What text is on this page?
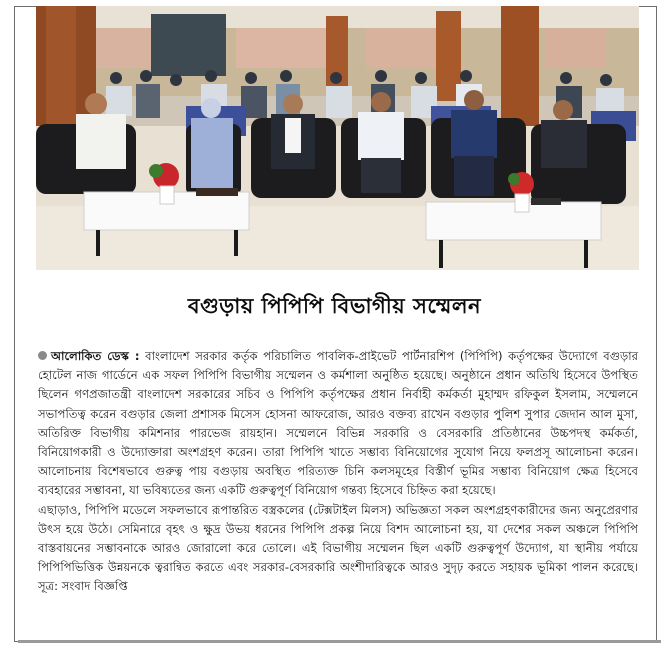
বগুড়ায় পিপিপি বিভাগীয় সম্মেলন

আলোকিত ডেস্ক : বাংলাদেশ সরকার কর্তৃক পরিচালিত পাবলিক-প্রাইভেট পার্টনারশিপ (পিপিপি) কর্তৃপক্ষের উদ্যোগে বগুড়ার হোটেল নাজ গার্ডেনে এক সফল পিপিপি বিভাগীয় সম্মেলন ও কর্মশালা অনুষ্ঠিত হয়েছে। অনুষ্ঠানে প্রধান অতিথি হিসেবে উপস্থিত ছিলেন গণপ্রজাতন্ত্রী বাংলাদেশ সরকারের সচিব ও পিপিপি কর্তৃপক্ষের প্রধান নির্বাহী কর্মকর্তা মুহাম্মদ রফিকুল ইসলাম, সম্মেলনে সভাপতিত্ব করেন বগুড়ার জেলা প্রশাসক মিসেস হোসনা আফরোজ, আরও বক্তব্য রাখেন বগুড়ার পুলিশ সুপার জেদান আল মুসা, অতিরিক্ত বিভাগীয় কমিশনার পারভেজ রায়হান। সম্মেলনে বিভিন্ন সরকারি ও বেসরকারি প্রতিষ্ঠানের উচ্চপদস্থ কর্মকর্তা, বিনিয়োগকারী ও উদ্যোক্তারা অংশগ্রহণ করেন। তারা পিপিপি খাতে সম্ভাব্য বিনিয়োগের সুযোগ নিয়ে ফলপ্রসূ আলোচনা করেন। আলোচনায় বিশেষভাবে গুরুত্ব পায় বগুড়ায় অবস্থিত পরিত্যক্ত চিনি কলসমূহের বিস্তীর্ণ ভূমির সম্ভাব্য বিনিয়োগ ক্ষেত্র হিসেবে ব্যবহারের সম্ভাবনা, যা ভবিষ্যতের জন্য একটি গুরুত্বপূর্ণ বিনিয়োগ গন্তব্য হিসেবে চিহ্নিত করা হয়েছে।

এছাড়াও, পিপিপি মডেলে সফলভাবে রূপান্তরিত বস্ত্রকলের (টেক্সটাইল মিলস) অভিজ্ঞতা সকল অংশগ্রহণকারীদের জন্য অনুপ্রেরণার উৎস হয়ে উঠে। সেমিনারে বৃহৎ ও ক্ষুদ্র উভয় ধরনের পিপিপি প্রকল্প নিয়ে বিশদ আলোচনা হয়, যা দেশের সকল অঞ্চলে পিপিপি বাস্তবায়নের সম্ভাবনাকে আরও জোরালো করে তোলে। এই বিভাগীয় সম্মেলন ছিল একটি গুরুত্বপূর্ণ উদ্যোগ, যা স্থানীয় পর্যায়ে পিপিপিভিত্তিক উন্নয়নকে ত্বরান্বিত করতে এবং সরকার-বেসরকারি অংশীদারিত্বকে আরও সুদৃঢ় করতে সহায়ক ভূমিকা পালন করেছে। সূত্র: সংবাদ বিজ্ঞপ্তি
